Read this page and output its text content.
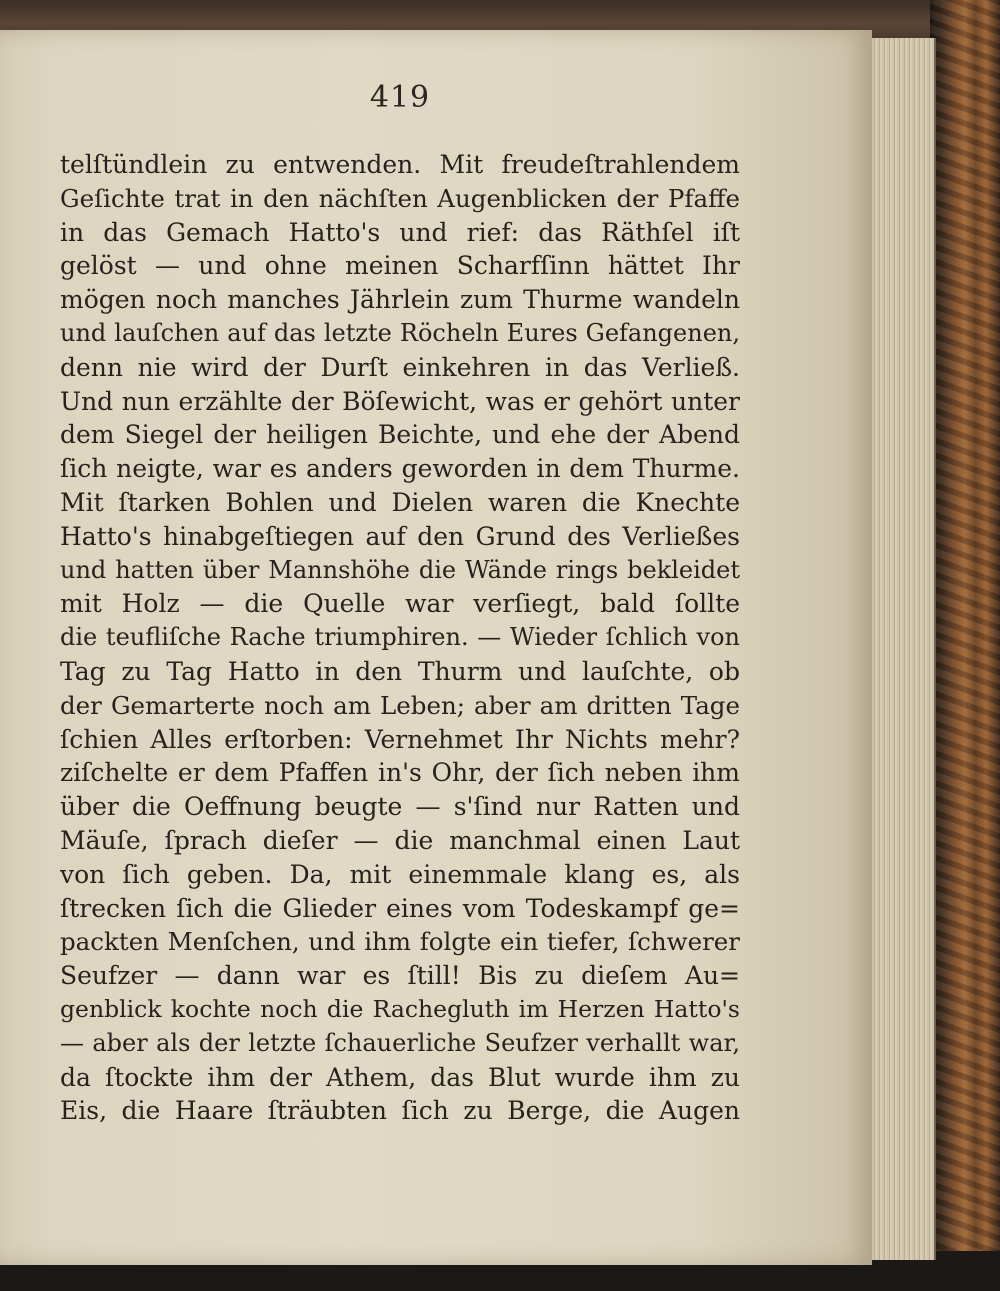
419
telſtündlein zu entwenden. Mit freudeſtrahlendem
Geſichte trat in den nächſten Augenblicken der Pfaffe
in das Gemach Hatto's und rief: das Räthſel iſt
gelöst — und ohne meinen Scharfſinn hättet Ihr
mögen noch manches Jährlein zum Thurme wandeln
und lauſchen auf das letzte Röcheln Eures Gefangenen,
denn nie wird der Durſt einkehren in das Verließ.
Und nun erzählte der Böſewicht, was er gehört unter
dem Siegel der heiligen Beichte, und ehe der Abend
ſich neigte, war es anders geworden in dem Thurme.
Mit ſtarken Bohlen und Dielen waren die Knechte
Hatto's hinabgeſtiegen auf den Grund des Verließes
und hatten über Mannshöhe die Wände rings bekleidet
mit Holz — die Quelle war verſiegt, bald ſollte
die teufliſche Rache triumphiren. — Wieder ſchlich von
Tag zu Tag Hatto in den Thurm und lauſchte, ob
der Gemarterte noch am Leben; aber am dritten Tage
ſchien Alles erſtorben: Vernehmet Ihr Nichts mehr?
ziſchelte er dem Pfaffen in's Ohr, der ſich neben ihm
über die Oeffnung beugte — s'ſind nur Ratten und
Mäuſe, ſprach dieſer — die manchmal einen Laut
von ſich geben. Da, mit einemmale klang es, als
ſtrecken ſich die Glieder eines vom Todeskampf ge=
packten Menſchen, und ihm folgte ein tiefer, ſchwerer
Seufzer — dann war es ſtill! Bis zu dieſem Au=
genblick kochte noch die Rachegluth im Herzen Hatto's
— aber als der letzte ſchauerliche Seufzer verhallt war,
da ſtockte ihm der Athem, das Blut wurde ihm zu
Eis, die Haare ſträubten ſich zu Berge, die Augen
